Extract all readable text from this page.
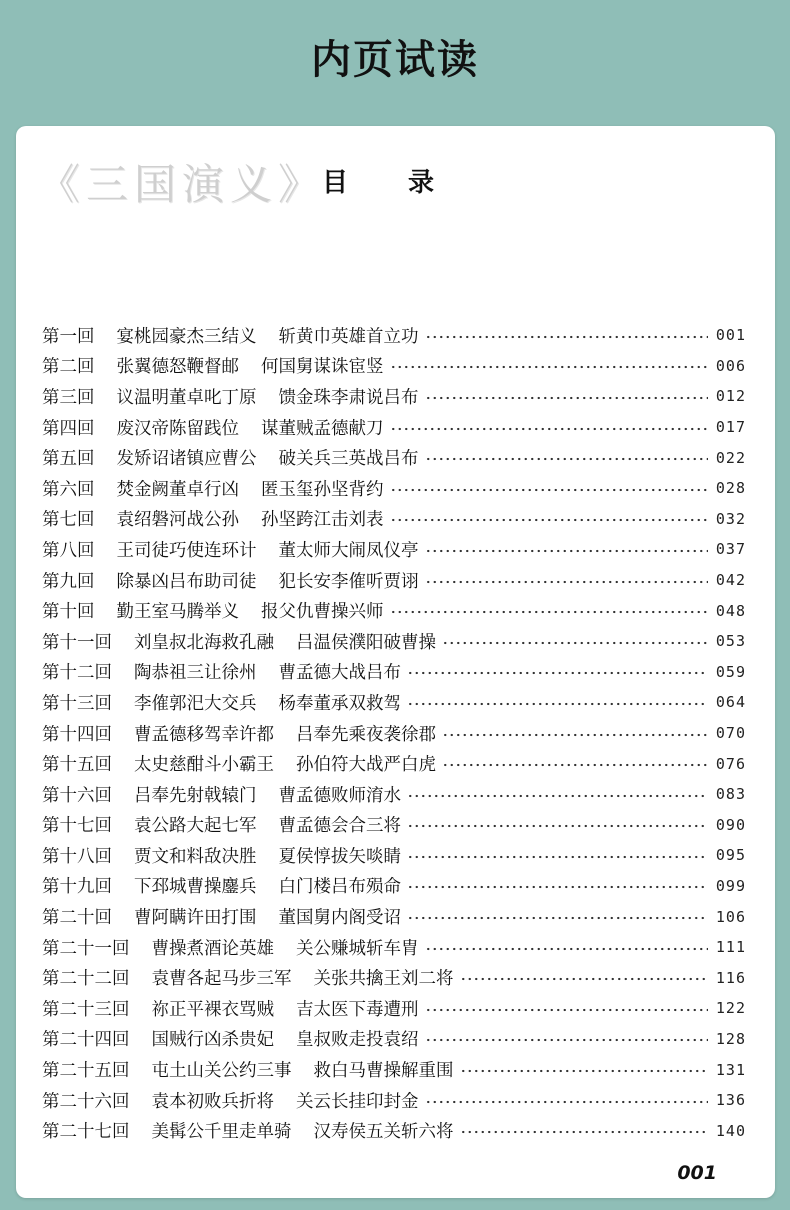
内页试读
《三国演义》
目录
第一回 宴桃园豪杰三结义 斩黄巾英雄首立功	001
第二回 张翼德怒鞭督邮 何国舅谋诛宦竖	006
第三回 议温明董卓叱丁原 馈金珠李肃说吕布	012
第四回 废汉帝陈留践位 谋董贼孟德献刀	017
第五回 发矫诏诸镇应曹公 破关兵三英战吕布	022
第六回 焚金阙董卓行凶 匿玉玺孙坚背约	028
第七回 袁绍磐河战公孙 孙坚跨江击刘表	032
第八回 王司徒巧使连环计 董太师大闹凤仪亭	037
第九回 除暴凶吕布助司徒 犯长安李傕听贾诩	042
第十回 勤王室马腾举义 报父仇曹操兴师	048
第十一回 刘皇叔北海救孔融 吕温侯濮阳破曹操	053
第十二回 陶恭祖三让徐州 曹孟德大战吕布	059
第十三回 李傕郭汜大交兵 杨奉董承双救驾	064
第十四回 曹孟德移驾幸许都 吕奉先乘夜袭徐郡	070
第十五回 太史慈酣斗小霸王 孙伯符大战严白虎	076
第十六回 吕奉先射戟辕门 曹孟德败师淯水	083
第十七回 袁公路大起七军 曹孟德会合三将	090
第十八回 贾文和料敌决胜 夏侯惇拔矢啖睛	095
第十九回 下邳城曹操鏖兵 白门楼吕布殒命	099
第二十回 曹阿瞒许田打围 董国舅内阁受诏	106
第二十一回 曹操煮酒论英雄 关公赚城斩车胄	111
第二十二回 袁曹各起马步三军 关张共擒王刘二将	116
第二十三回 祢正平裸衣骂贼 吉太医下毒遭刑	122
第二十四回 国贼行凶杀贵妃 皇叔败走投袁绍	128
第二十五回 屯土山关公约三事 救白马曹操解重围	131
第二十六回 袁本初败兵折将 关云长挂印封金	136
第二十七回 美髯公千里走单骑 汉寿侯五关斩六将	140
001
